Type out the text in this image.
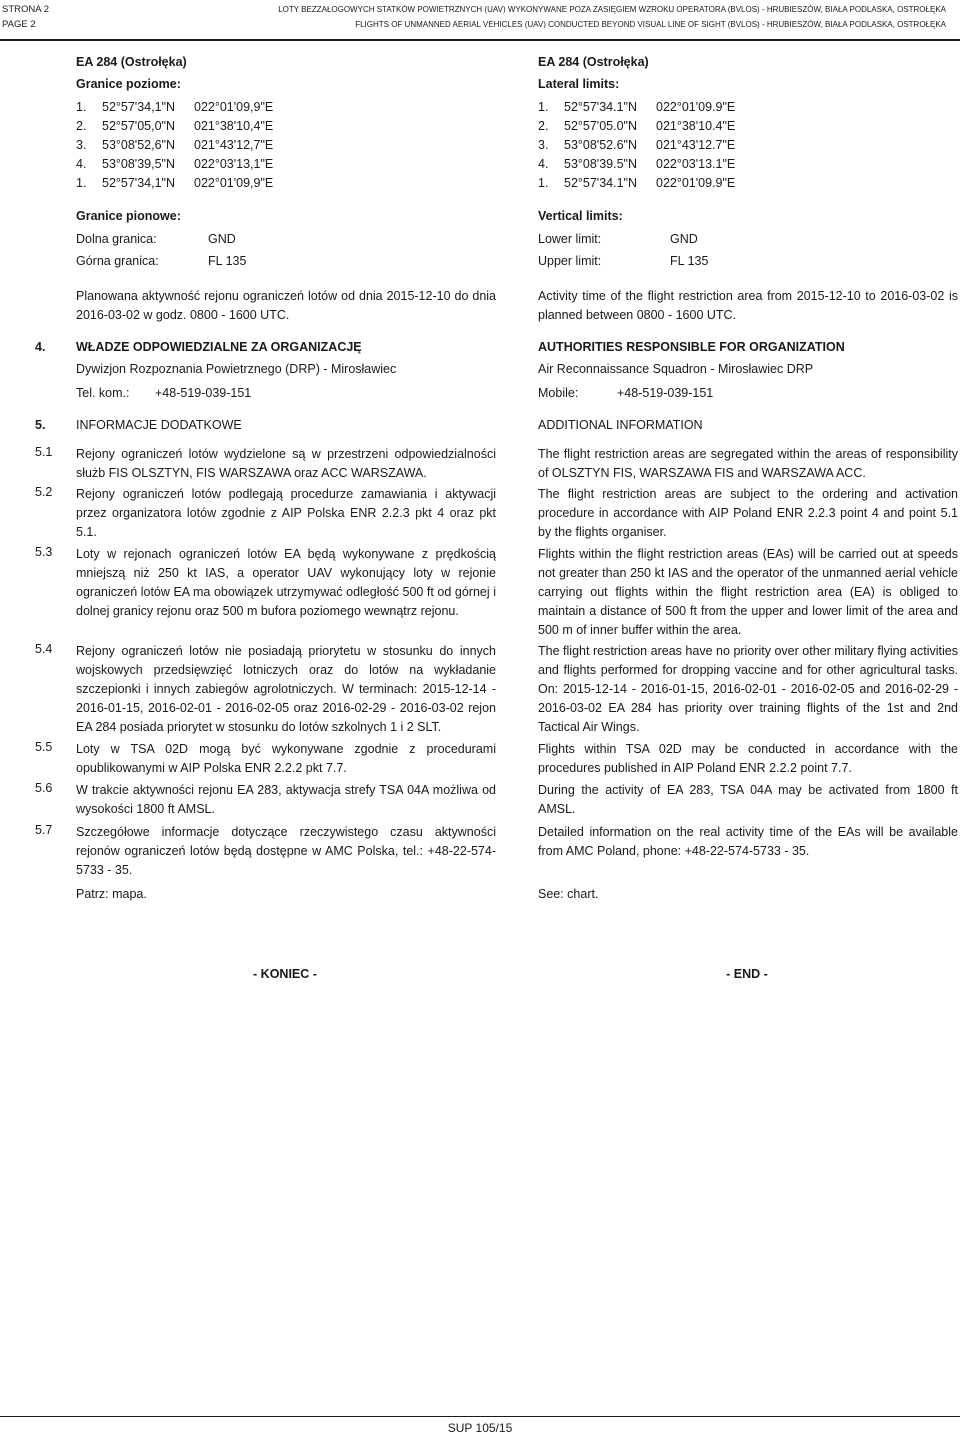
STRONA 2
PAGE 2
LOTY BEZZAŁOGOWYCH STATKÓW POWIETRZNYCH (UAV) WYKONYWANE POZA ZASIĘGIEM WZROKU OPERATORA (BVLOS) - HRUBIESZÓW, BIAŁA PODLASKA, OSTROŁĘKA
FLIGHTS OF UNMANNED AERIAL VEHICLES (UAV) CONDUCTED BEYOND VISUAL LINE OF SIGHT (BVLOS) - HRUBIESZÓW, BIAŁA PODLASKA, OSTROŁĘKA
EA 284 (Ostrołęka)
Granice poziome:
1. 52°57'34,1"N 022°01'09,9"E
2. 52°57'05,0"N 021°38'10,4"E
3. 53°08'52,6"N 021°43'12,7"E
4. 53°08'39,5"N 022°03'13,1"E
1. 52°57'34,1"N 022°01'09,9"E
Granice pionowe:
Dolna granica:	GND
Górna granica:	FL 135
Planowana aktywność rejonu ograniczeń lotów od dnia 2015-12-10 do dnia 2016-03-02 w godz. 0800 - 1600 UTC.
4. WŁADZE ODPOWIEDZIALNE ZA ORGANIZACJĘ
Dywizjon Rozpoznania Powietrznego (DRP) - Mirosławiec
Tel. kom.: +48-519-039-151
5. INFORMACJE DODATKOWE
5.1 Rejony ograniczeń lotów wydzielone są w przestrzeni odpowiedzialności służb FIS OLSZTYN, FIS WARSZAWA oraz ACC WARSZAWA.
5.2 Rejony ograniczeń lotów podlegają procedurze zamawiania i aktywacji przez organizatora lotów zgodnie z AIP Polska ENR 2.2.3 pkt 4 oraz pkt 5.1.
5.3 Loty w rejonach ograniczeń lotów EA będą wykonywane z prędkością mniejszą niż 250 kt IAS, a operator UAV wykonujący loty w rejonie ograniczeń lotów EA ma obowiązek utrzymywać odległość 500 ft od górnej i dolnej granicy rejonu oraz 500 m bufora poziomego wewnątrz rejonu.
5.4 Rejony ograniczeń lotów nie posiadają priorytetu w stosunku do innych wojskowych przedsięwzięć lotniczych oraz do lotów na wykładanie szczepionki i innych zabiegów agrolotniczych. W terminach: 2015-12-14 - 2016-01-15, 2016-02-01 - 2016-02-05 oraz 2016-02-29 - 2016-03-02 rejon EA 284 posiada priorytet w stosunku do lotów szkolnych 1 i 2 SLT.
5.5 Loty w TSA 02D mogą być wykonywane zgodnie z procedurami opublikowanymi w AIP Polska ENR 2.2.2 pkt 7.7.
5.6 W trakcie aktywności rejonu EA 283, aktywacja strefy TSA 04A możliwa od wysokości 1800 ft AMSL.
5.7 Szczegółowe informacje dotyczące rzeczywistego czasu aktywności rejonów ograniczeń lotów będą dostępne w AMC Polska, tel.: +48-22-574-5733 - 35.
Patrz: mapa.
- KONIEC -
EA 284 (Ostrołęka)
Lateral limits:
1. 52°57'34.1"N 022°01'09.9"E
2. 52°57'05.0"N 021°38'10.4"E
3. 53°08'52.6"N 021°43'12.7"E
4. 53°08'39.5"N 022°03'13.1"E
1. 52°57'34.1"N 022°01'09.9"E
Vertical limits:
Lower limit:	GND
Upper limit:	FL 135
Activity time of the flight restriction area from 2015-12-10 to 2016-03-02 is planned between 0800 - 1600 UTC.
AUTHORITIES RESPONSIBLE FOR ORGANIZATION
Air Reconnaissance Squadron - Mirosławiec DRP
Mobile:	+48-519-039-151
ADDITIONAL INFORMATION
The flight restriction areas are segregated within the areas of responsibility of OLSZTYN FIS, WARSZAWA FIS and WARSZAWA ACC.
The flight restriction areas are subject to the ordering and activation procedure in accordance with AIP Poland ENR 2.2.3 point 4 and point 5.1 by the flights organiser.
Flights within the flight restriction areas (EAs) will be carried out at speeds not greater than 250 kt IAS and the operator of the unmanned aerial vehicle carrying out flights within the flight restriction area (EA) is obliged to maintain a distance of 500 ft from the upper and lower limit of the area and 500 m of inner buffer within the area.
The flight restriction areas have no priority over other military flying activities and flights performed for dropping vaccine and for other agricultural tasks. On: 2015-12-14 - 2016-01-15, 2016-02-01 - 2016-02-05 and 2016-02-29 - 2016-03-02 EA 284 has priority over training flights of the 1st and 2nd Tactical Air Wings.
Flights within TSA 02D may be conducted in accordance with the procedures published in AIP Poland ENR 2.2.2 point 7.7.
During the activity of EA 283, TSA 04A may be activated from 1800 ft AMSL.
Detailed information on the real activity time of the EAs will be available from AMC Poland, phone: +48-22-574-5733 - 35.
See: chart.
- END -
SUP 105/15
